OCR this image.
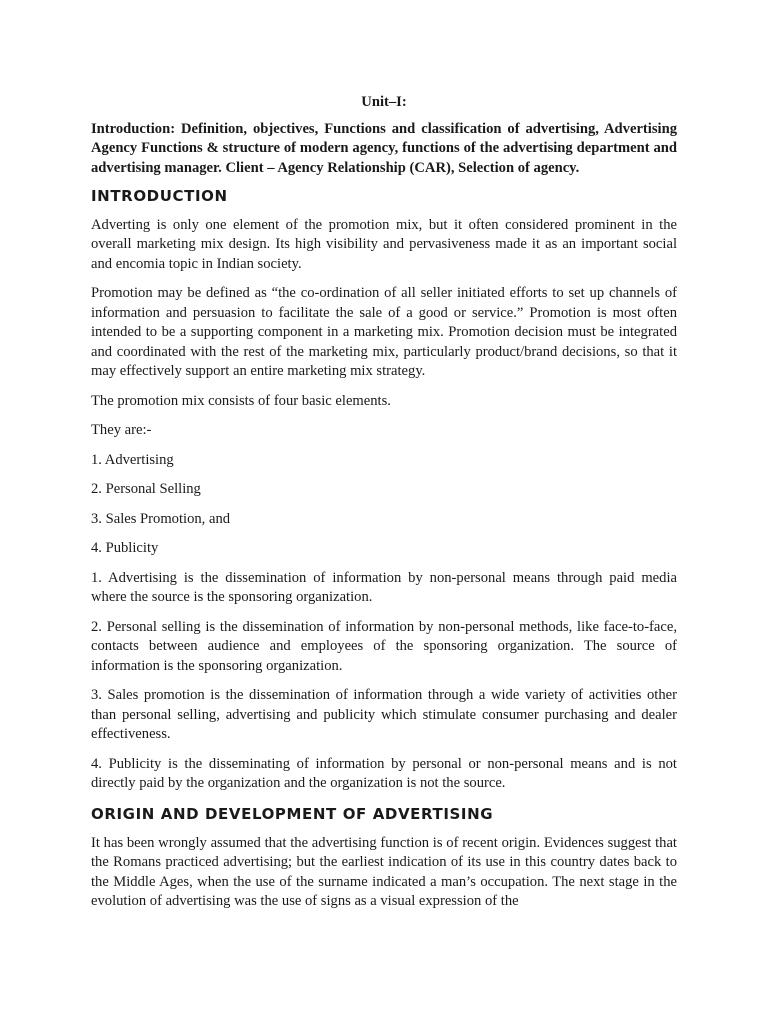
Unit–I:
Introduction: Definition, objectives, Functions and classification of advertising, Advertising Agency Functions & structure of modern agency, functions of the advertising department and advertising manager. Client – Agency Relationship (CAR), Selection of agency.
INTRODUCTION

Adverting is only one element of the promotion mix, but it often considered prominent in the overall marketing mix design. Its high visibility and pervasiveness made it as an important social and encomia topic in Indian society.

Promotion may be defined as “the co-ordination of all seller initiated efforts to set up channels of information and persuasion to facilitate the sale of a good or service.” Promotion is most often intended to be a supporting component in a marketing mix. Promotion decision must be integrated and coordinated with the rest of the marketing mix, particularly product/brand decisions, so that it may effectively support an entire marketing mix strategy.

The promotion mix consists of four basic elements.

They are:-

1. Advertising

2. Personal Selling

3. Sales Promotion, and

4. Publicity

1. Advertising is the dissemination of information by non-personal means through paid media where the source is the sponsoring organization.

2. Personal selling is the dissemination of information by non-personal methods, like face-to-face, contacts between audience and employees of the sponsoring organization. The source of information is the sponsoring organization.

3. Sales promotion is the dissemination of information through a wide variety of activities other than personal selling, advertising and publicity which stimulate consumer purchasing and dealer effectiveness.

4. Publicity is the disseminating of information by personal or non-personal means and is not directly paid by the organization and the organization is not the source.

ORIGIN AND DEVELOPMENT OF ADVERTISING

It has been wrongly assumed that the advertising function is of recent origin. Evidences suggest that the Romans practiced advertising; but the earliest indication of its use in this country dates back to the Middle Ages, when the use of the surname indicated a man’s occupation. The next stage in the evolution of advertising was the use of signs as a visual expression of the
